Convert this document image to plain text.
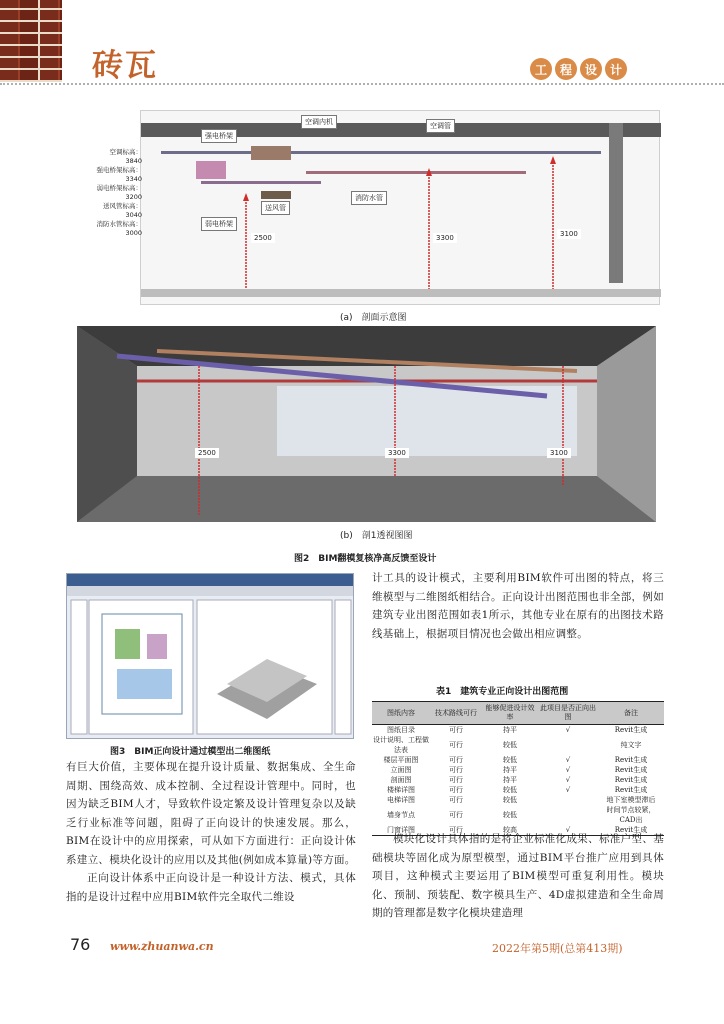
砖瓦	工	程	设	计
强电桥架
空调内机	空调管
消防水管
送风管
弱电桥架
2500	3300	3100
空调标高：3840
强电桥架标高：3340
弱电桥架标高：3200
送风管标高：3040
消防水管标高：3000
(a)　剖面示意图
2500	3300	3100
(b)　剖1透视图图
图2　BIM翻模复核净高反馈至设计
图3　BIM正向设计通过模型出二维图纸

计工具的设计模式，主要利用BIM软件可出图的特点，将三维模型与二维图纸相结合。正向设计出图范围也非全部，例如建筑专业出图范围如表1所示，其他专业在原有的出图技术路线基础上，根据项目情况也会做出相应调整。

表1　建筑专业正向设计出图范围
图纸内容	技术路线可行	能够促进设计效率	此项目是否正向出图	备注
图纸目录	可行	持平	√	Revit生成
设计说明、工程做法表	可行	较低		纯文字
楼层平面图	可行	较低	√	Revit生成
立面图	可行	持平	√	Revit生成
剖面图	可行	持平	√	Revit生成
楼梯详图	可行	较低	√	Revit生成
电梯详图	可行	较低		地下室模型滞后
墙身节点	可行	较低		时间节点较紧，CAD出
门窗详图	可行	较高	√	Revit生成

有巨大价值，主要体现在提升设计质量、数据集成、全生命周期、围绕高效、成本控制、全过程设计管理中。同时，也因为缺乏BIM人才，导致软件设定繁及设计管理复杂以及缺乏行业标准等问题，阻碍了正向设计的快速发展。那么，BIM在设计中的应用探索，可从如下方面进行：正向设计体系建立、模块化设计的应用以及其他(例如成本算量)等方面。

正向设计体系中正向设计是一种设计方法、模式，具体指的是设计过程中应用BIM软件完全取代二维设

模块化设计具体指的是将企业标准化成果、标准户型、基础模块等固化成为原型模型，通过BIM平台推广应用到具体项目，这种模式主要运用了BIM模型可重复利用性。模块化、预制、预装配、数字模具生产、4D虚拟建造和全生命周期的管理都是数字化模块建造理

76 www.zhuanwa.cn	2022年第5期(总第413期)
